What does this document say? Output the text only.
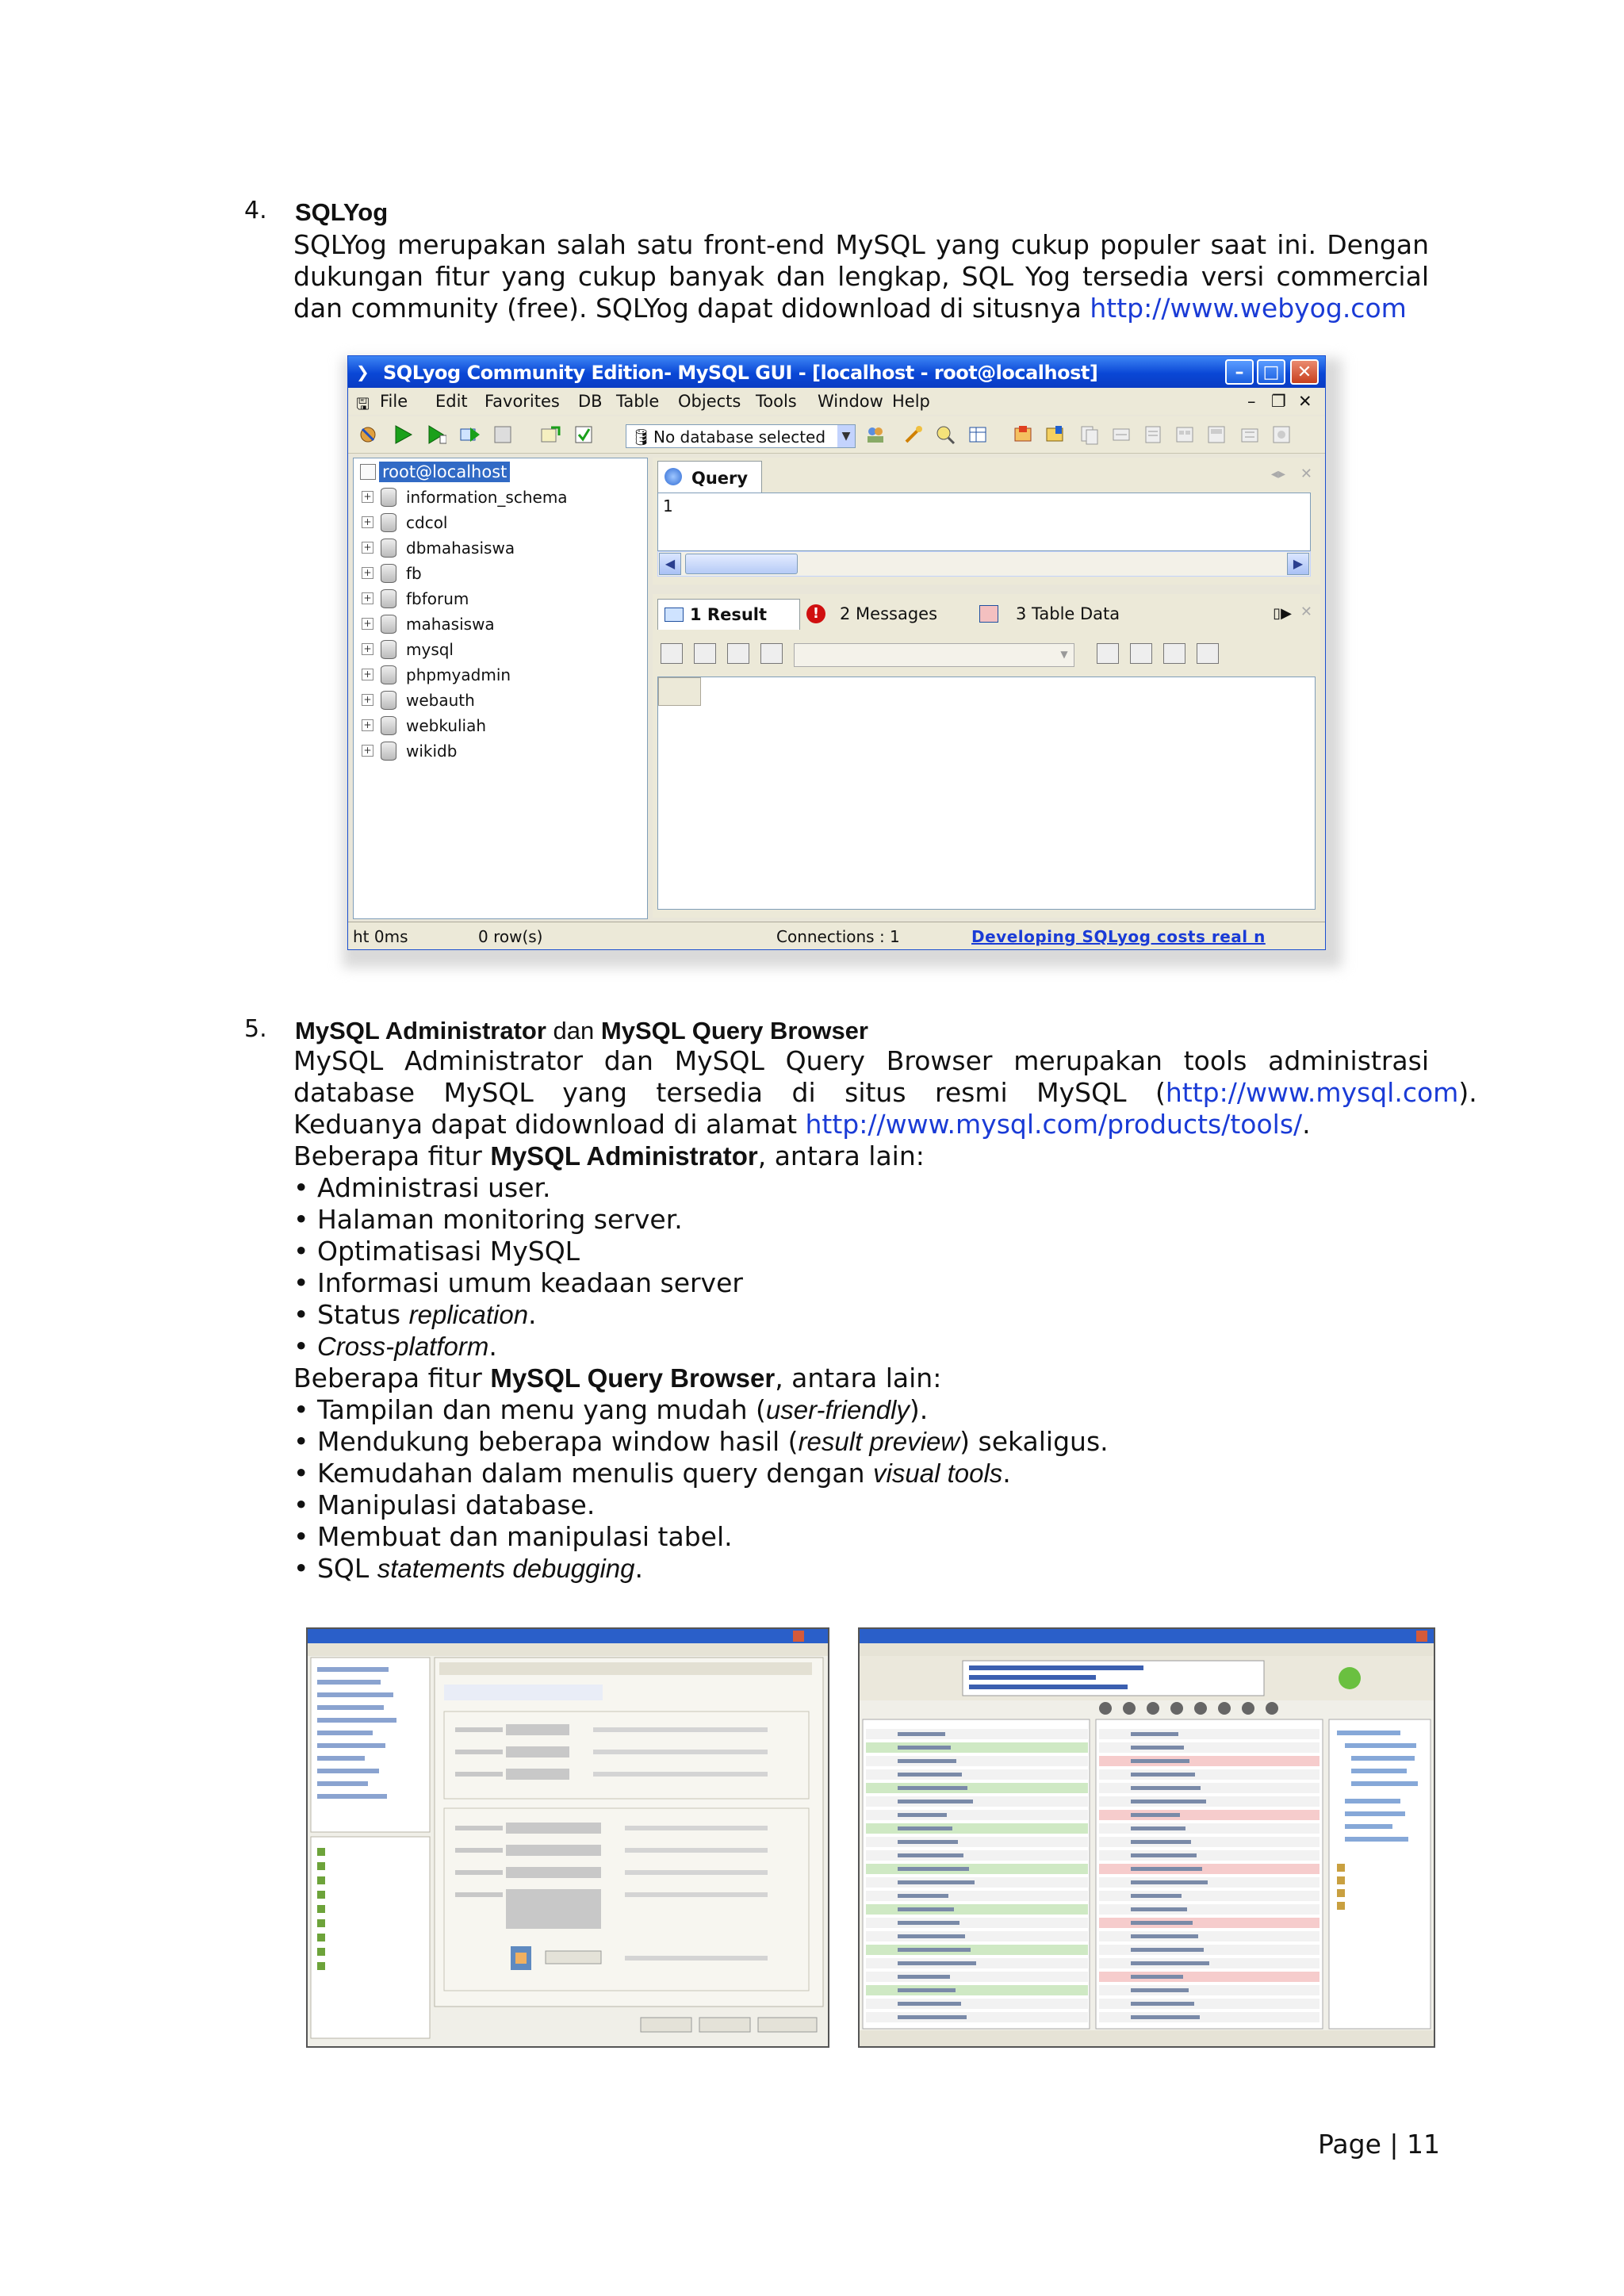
4. SQLYog
SQLYog merupakan salah satu front-end MySQL yang cukup populer saat ini. Dengan
dukungan fitur yang cukup banyak dan lengkap, SQL Yog tersedia versi commercial
dan community (free). SQLYog dapat didownload di situsnya http://www.webyog.com
❯ SQLyog Community Edition- MySQL GUI - [localhost - root@localhost]	–	□	✕
🖫 File Edit Favorites DB Table Objects Tools Window Help	– ❐ ✕
🛢 No database selected	▼
root@localhost
+ information_schema
+ cdcol
+ dbmahasiswa
+ fb
+ fbforum
+ mahasiswa
+ mysql
+ phpmyadmin
+ webauth
+ webkuliah
+ wikidb
Query	◂▸ ✕
1
◀	▶
1 Result	!	2 Messages	3 Table Data	▯▶ ✕
▼
ht 0ms	0 row(s)	Connections : 1	Developing SQLyog costs real n
5. MySQL Administrator dan MySQL Query Browser
MySQL Administrator dan MySQL Query Browser merupakan tools administrasi
database MySQL yang tersedia di situs resmi MySQL ( http://www.mysql.com).
Keduanya dapat didownload di alamat http://www.mysql.com/products/tools/.
Beberapa fitur MySQL Administrator, antara lain:
• Administrasi user.
• Halaman monitoring server.
• Optimatisasi MySQL
• Informasi umum keadaan server
• Status replication.
• Cross-platform.
Beberapa fitur MySQL Query Browser, antara lain:
• Tampilan dan menu yang mudah (user-friendly).
• Mendukung beberapa window hasil (result preview) sekaligus.
• Kemudahan dalam menulis query dengan visual tools.
• Manipulasi database.
• Membuat dan manipulasi tabel.
• SQL statements debugging.
Page | 11
